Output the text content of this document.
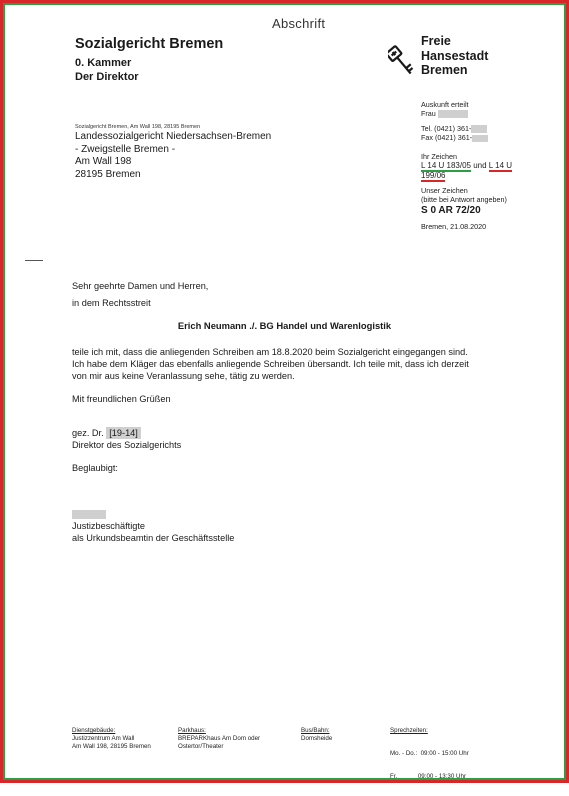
Abschrift
Sozialgericht Bremen
0. Kammer
Der Direktor
Freie
Hansestadt
Bremen
Sozialgericht Bremen, Am Wall 198, 28195 Bremen
Landessozialgericht Niedersachsen-Bremen
- Zweigstelle Bremen -
Am Wall 198
28195 Bremen
Auskunft erteilt
Frau
Tel. (0421) 361-
Fax (0421) 361-
Ihr Zeichen
L 14 U 183/05 und L 14 U
199/06
Unser Zeichen
(bitte bei Antwort angeben)
S 0 AR 72/20
Bremen, 21.08.2020
Sehr geehrte Damen und Herren,
in dem Rechtsstreit
Erich Neumann ./. BG Handel und Warenlogistik
teile ich mit, dass die anliegenden Schreiben am 18.8.2020 beim Sozialgericht eingegangen sind.
Ich habe dem Kläger das ebenfalls anliegende Schreiben übersandt. Ich teile mit, dass ich derzeit
von mir aus keine Veranlassung sehe, tätig zu werden.
Mit freundlichen Grüßen
gez. Dr. [19-14]
Direktor des Sozialgerichts
Beglaubigt:
Justizbeschäftigte
als Urkundsbeamtin der Geschäftsstelle
Dienstgebäude:
Justizzentrum Am Wall
Am Wall 198, 28195 Bremen
Parkhaus:
BREPARKhaus Am Dom oder
Ostertor/Theater
Bus/Bahn:
Domsheide
Sprechzeiten:

Mo. - Do.:  09:00 - 15:00 Uhr

Fr.            09:00 - 13:30 Uhr
